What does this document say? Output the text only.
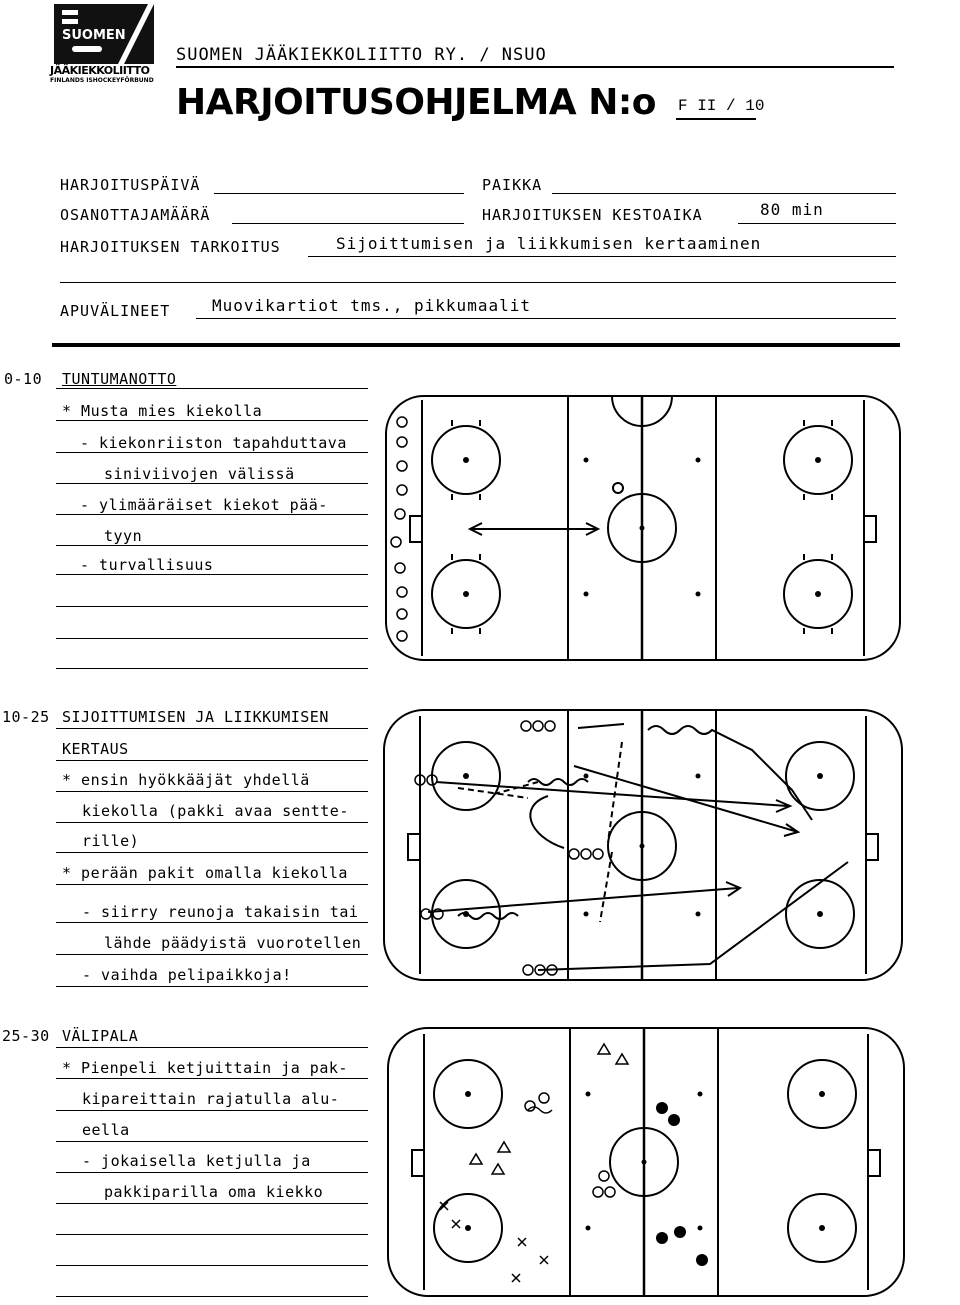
SUOMEN
JÄÄKIEKKOLIITTO
FINLANDS ISHOCKEYFÖRBUND
SUOMEN JÄÄKIEKKOLIITTO RY. / NSUO
HARJOITUSOHJELMA N:o F II / 10
HARJOITUSPÄIVÄ	PAIKKA
OSANOTTAJAMÄÄRÄ	HARJOITUKSEN KESTOAIKA	80 min
HARJOITUKSEN TARKOITUS	Sijoittumisen ja liikkumisen kertaaminen
APUVÄLINEET	Muovikartiot tms., pikkumaalit
0-10 TUNTUMANOTTO
* Musta mies kiekolla
- kiekonriiston tapahduttava
siniviivojen välissä
- ylimääräiset kiekot pää-
tyyn
- turvallisuus
10-25 SIJOITTUMISEN JA LIIKKUMISEN
KERTAUS
* ensin hyökkääjät yhdellä
kiekolla (pakki avaa sentte-
rille)
* perään pakit omalla kiekolla
- siirry reunoja takaisin tai
lähde päädyistä vuorotellen
- vaihda pelipaikkoja!
25-30 VÄLIPALA
* Pienpeli ketjuittain ja pak-
kipareittain rajatulla alu-
eella
- jokaisella ketjulla ja
pakkiparilla oma kiekko
